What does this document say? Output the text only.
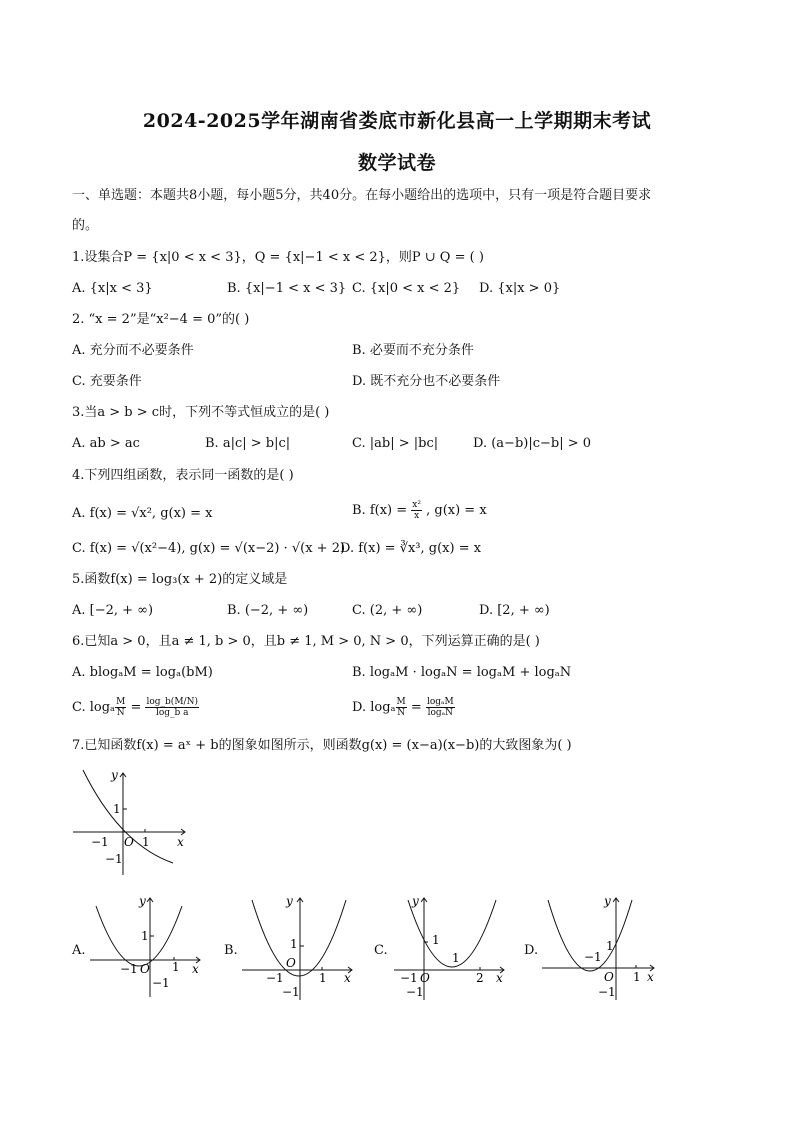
2024-2025学年湖南省娄底市新化县高一上学期期末考试
数学试卷
一、单选题：本题共8小题，每小题5分，共40分。在每小题给出的选项中，只有一项是符合题目要求
的。
1.设集合P = {x|0 < x < 3}，Q = {x|−1 < x < 2}，则P ∪ Q = ( )
A. {x|x < 3}	B. {x|−1 < x < 3} C. {x|0 < x < 2} D. {x|x > 0}
2. “x = 2”是“x²−4 = 0”的( )
A. 充分而不必要条件	B. 必要而不充分条件
C. 充要条件	D. 既不充分也不必要条件
3.当a > b > c时，下列不等式恒成立的是( )
A. ab > ac	B. a|c| > b|c|	C. |ab| > |bc|	D. (a−b)|c−b| > 0
4.下列四组函数，表示同一函数的是( )
A. f(x) = √x², g(x) = x	B. $f(x) = \frac{\text{x²}}{x}$ , g(x) = x
C. f(x) = √(x²−4), g(x) = √(x−2) · √(x + 2)
D. f(x) = ∛x³, g(x) = x
5.函数f(x) = log₃(x + 2)的定义域是
A. [−2, + ∞)	B. (−2, + ∞)	C. (2, + ∞)	D. [2, + ∞)
6.已知a > 0，且a ≠ 1, b > 0，且b ≠ 1, M > 0, N > 0，下列运算正确的是( )
A. blogₐM = logₐ(bM)	B. logₐM · logₐN = logₐM + logₐN
C. logₐ $\frac{M}{N} = \frac{\log\_b(M/N)}{\text{log\_b a}}$	D. logₐ $\frac{M}{N} = \frac{\text{logₐM}}{\text{logₐN}}$
7.已知函数f(x) = aˣ + b的图象如图所示，则函数g(x) = (x−a)(x−b)的大致图象为( )
y
1
−1 O 1 x
−1
A.
y
1
−1 O 1 x
−1
B.
y
1
O
−1	1 x
−1
C.
y
1
1
−1 O	2 x
−1
D.
y
1
−1
O 1 x
−1
